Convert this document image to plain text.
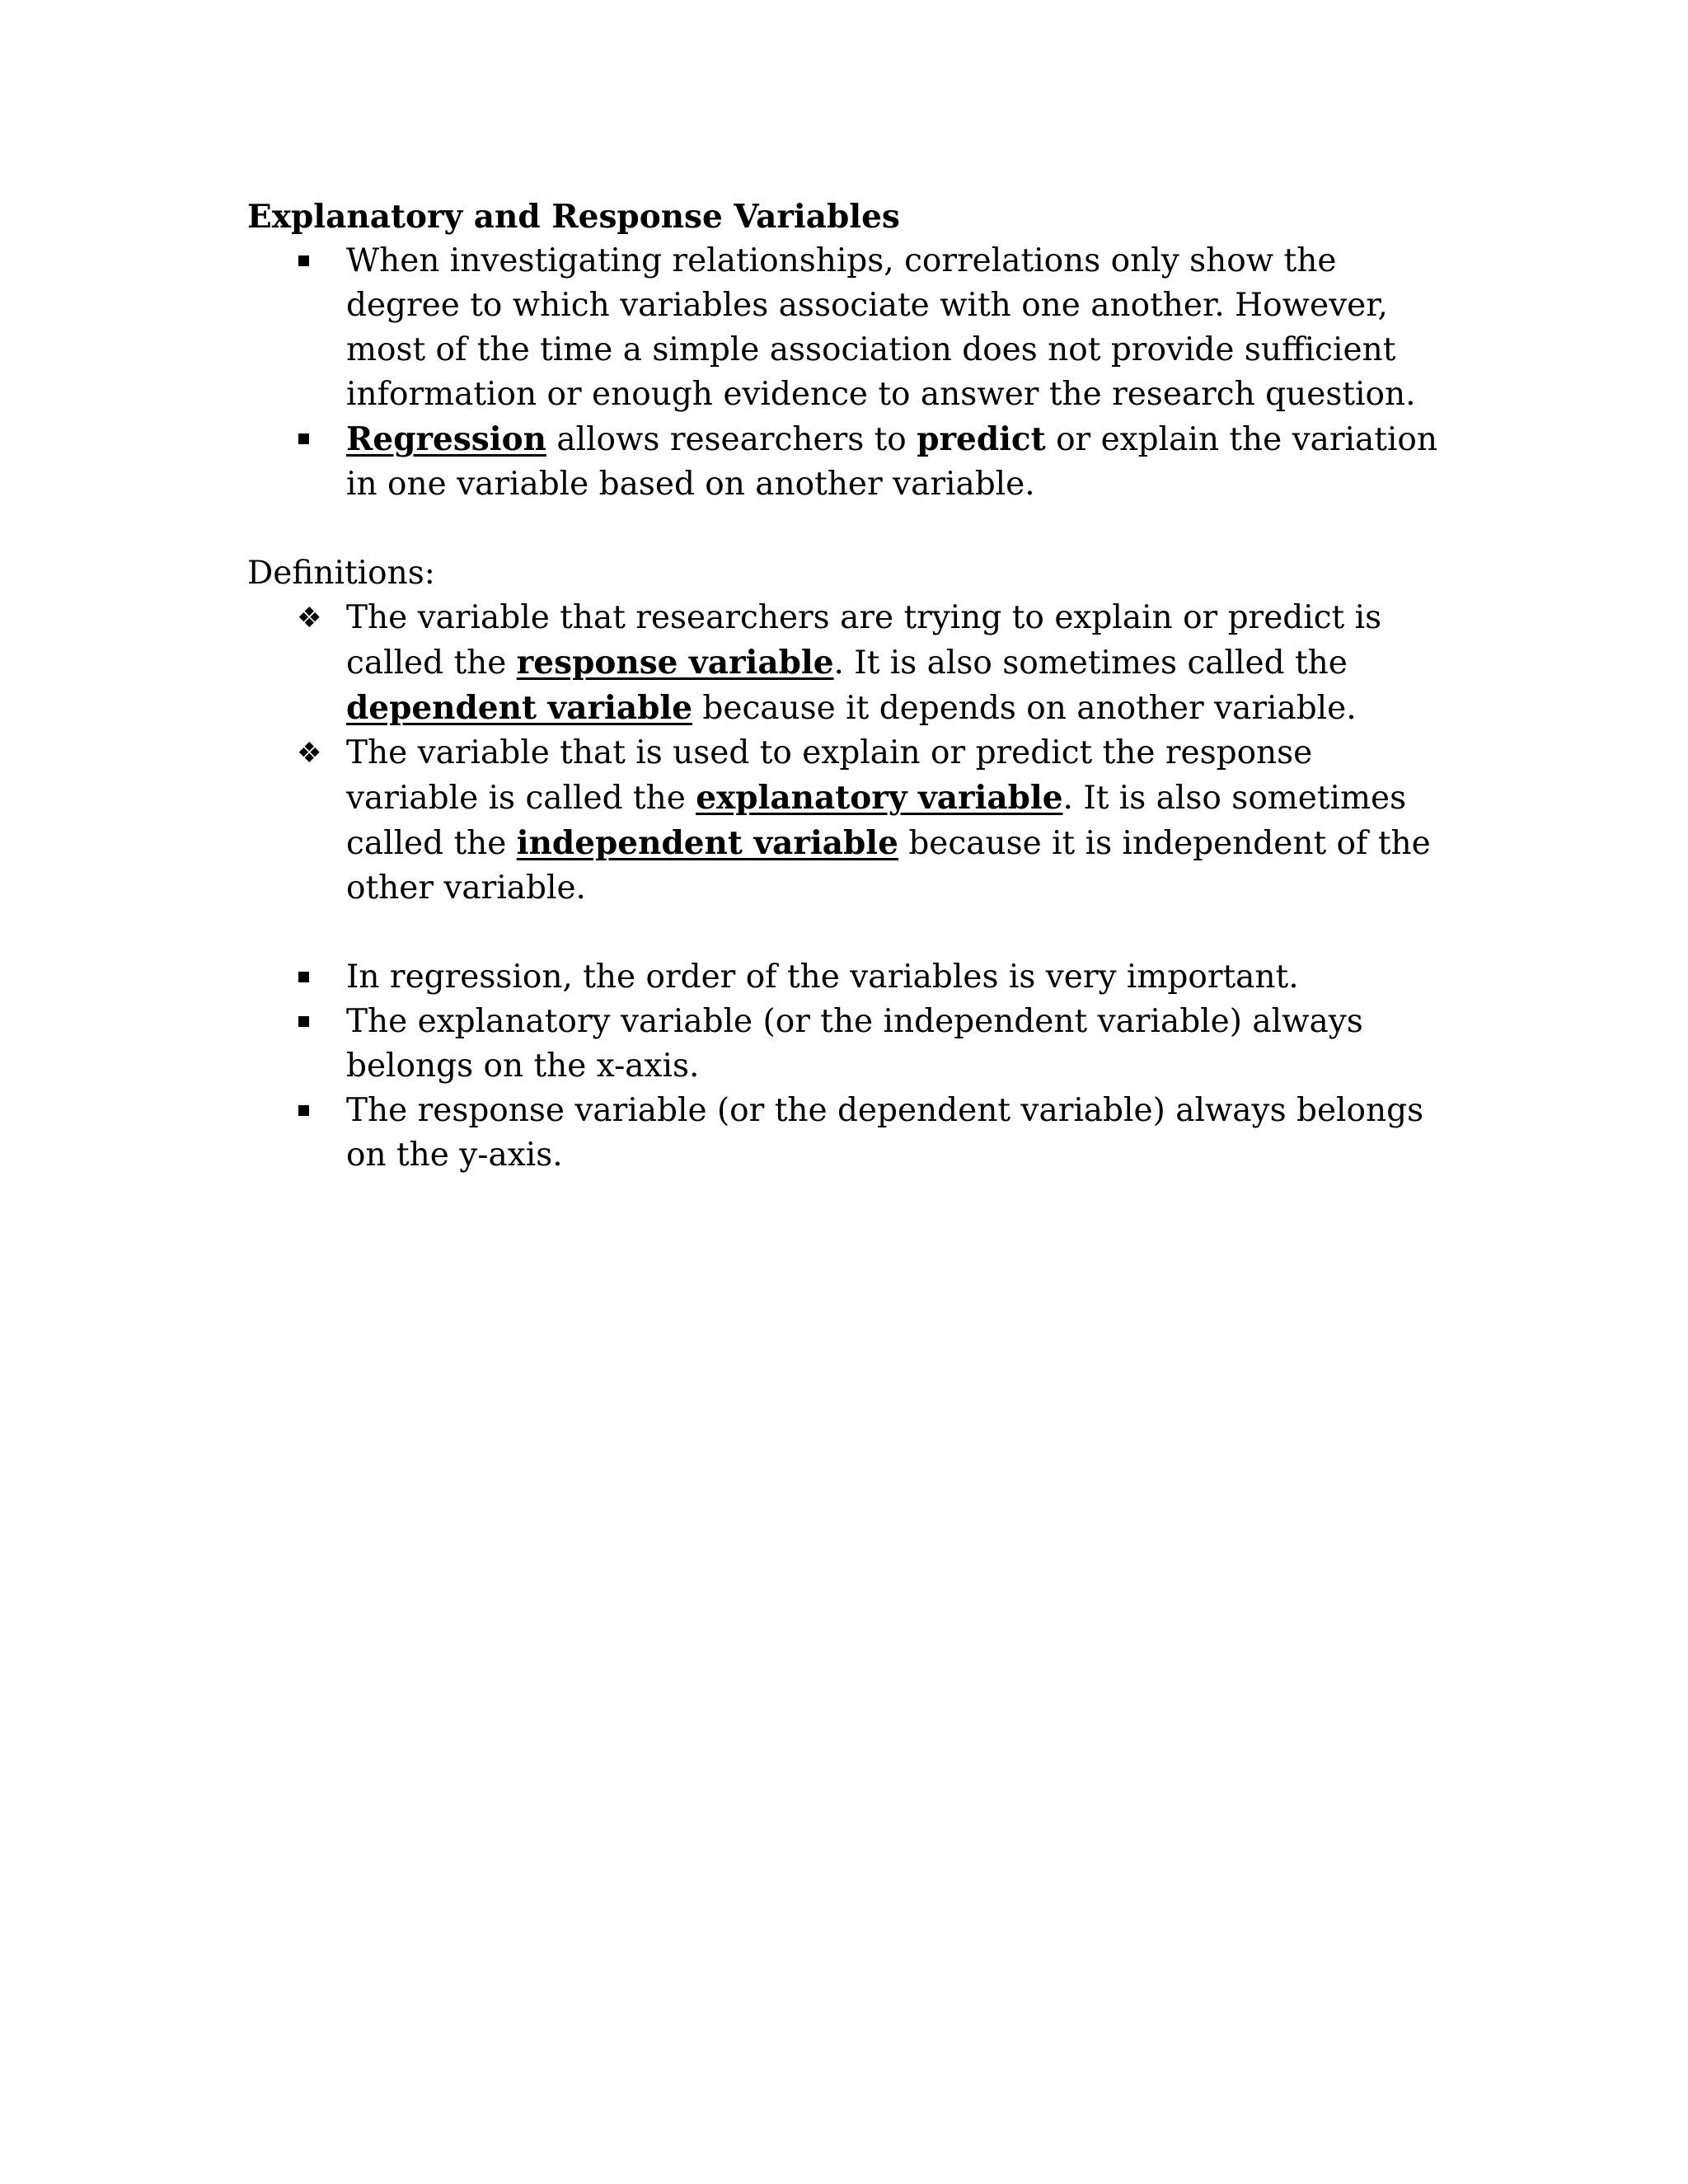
Explanatory and Response Variables

When investigating relationships, correlations only show the degree to which variables associate with one another. However, most of the time a simple association does not provide sufficient information or enough evidence to answer the research question.
Regression allows researchers to predict or explain the variation in one variable based on another variable.

Definitions:

❖ The variable that researchers are trying to explain or predict is called the response variable. It is also sometimes called the dependent variable because it depends on another variable.
❖ The variable that is used to explain or predict the response variable is called the explanatory variable. It is also sometimes called the independent variable because it is independent of the other variable.
In regression, the order of the variables is very important.
The explanatory variable (or the independent variable) always belongs on the x-axis.
The response variable (or the dependent variable) always belongs on the y-axis.
